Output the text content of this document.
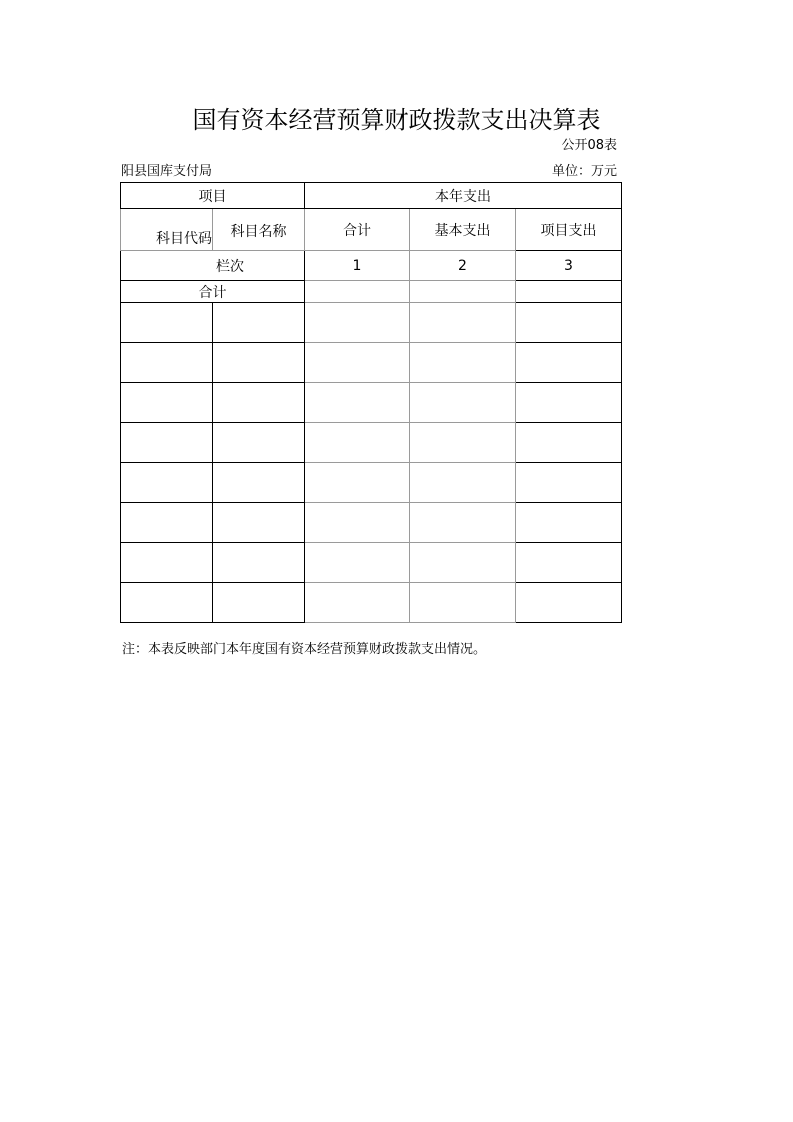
国有资本经营预算财政拨款支出决算表
公开08表
阳县国库支付局	单位：万元
项目		本年支出		
科目代码	科目名称	合计	基本支出	项目支出
栏次		1	2	3
合计				

注：本表反映部门本年度国有资本经营预算财政拨款支出情况。
